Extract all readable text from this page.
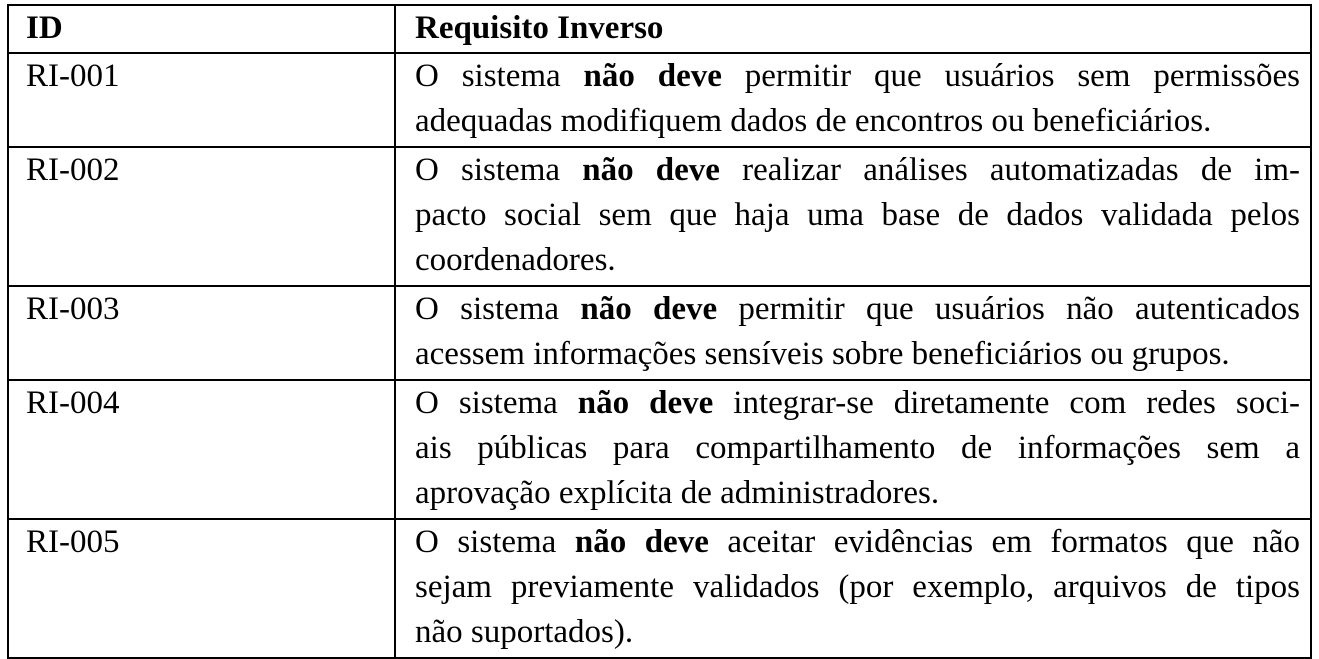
ID	Requisito Inverso
RI-001	O sistema não deve permitir que usuários sem permissões
adequadas modifiquem dados de encontros ou beneficiários.

RI-002	O sistema não deve realizar análises automatizadas de im-
pacto social sem que haja uma base de dados validada pelos
coordenadores.

RI-003	O sistema não deve permitir que usuários não autenticados
acessem informações sensíveis sobre beneficiários ou grupos.

RI-004	O sistema não deve integrar-se diretamente com redes soci-
ais públicas para compartilhamento de informações sem a
aprovação explícita de administradores.

RI-005	O sistema não deve aceitar evidências em formatos que não
sejam previamente validados (por exemplo, arquivos de tipos
não suportados).
